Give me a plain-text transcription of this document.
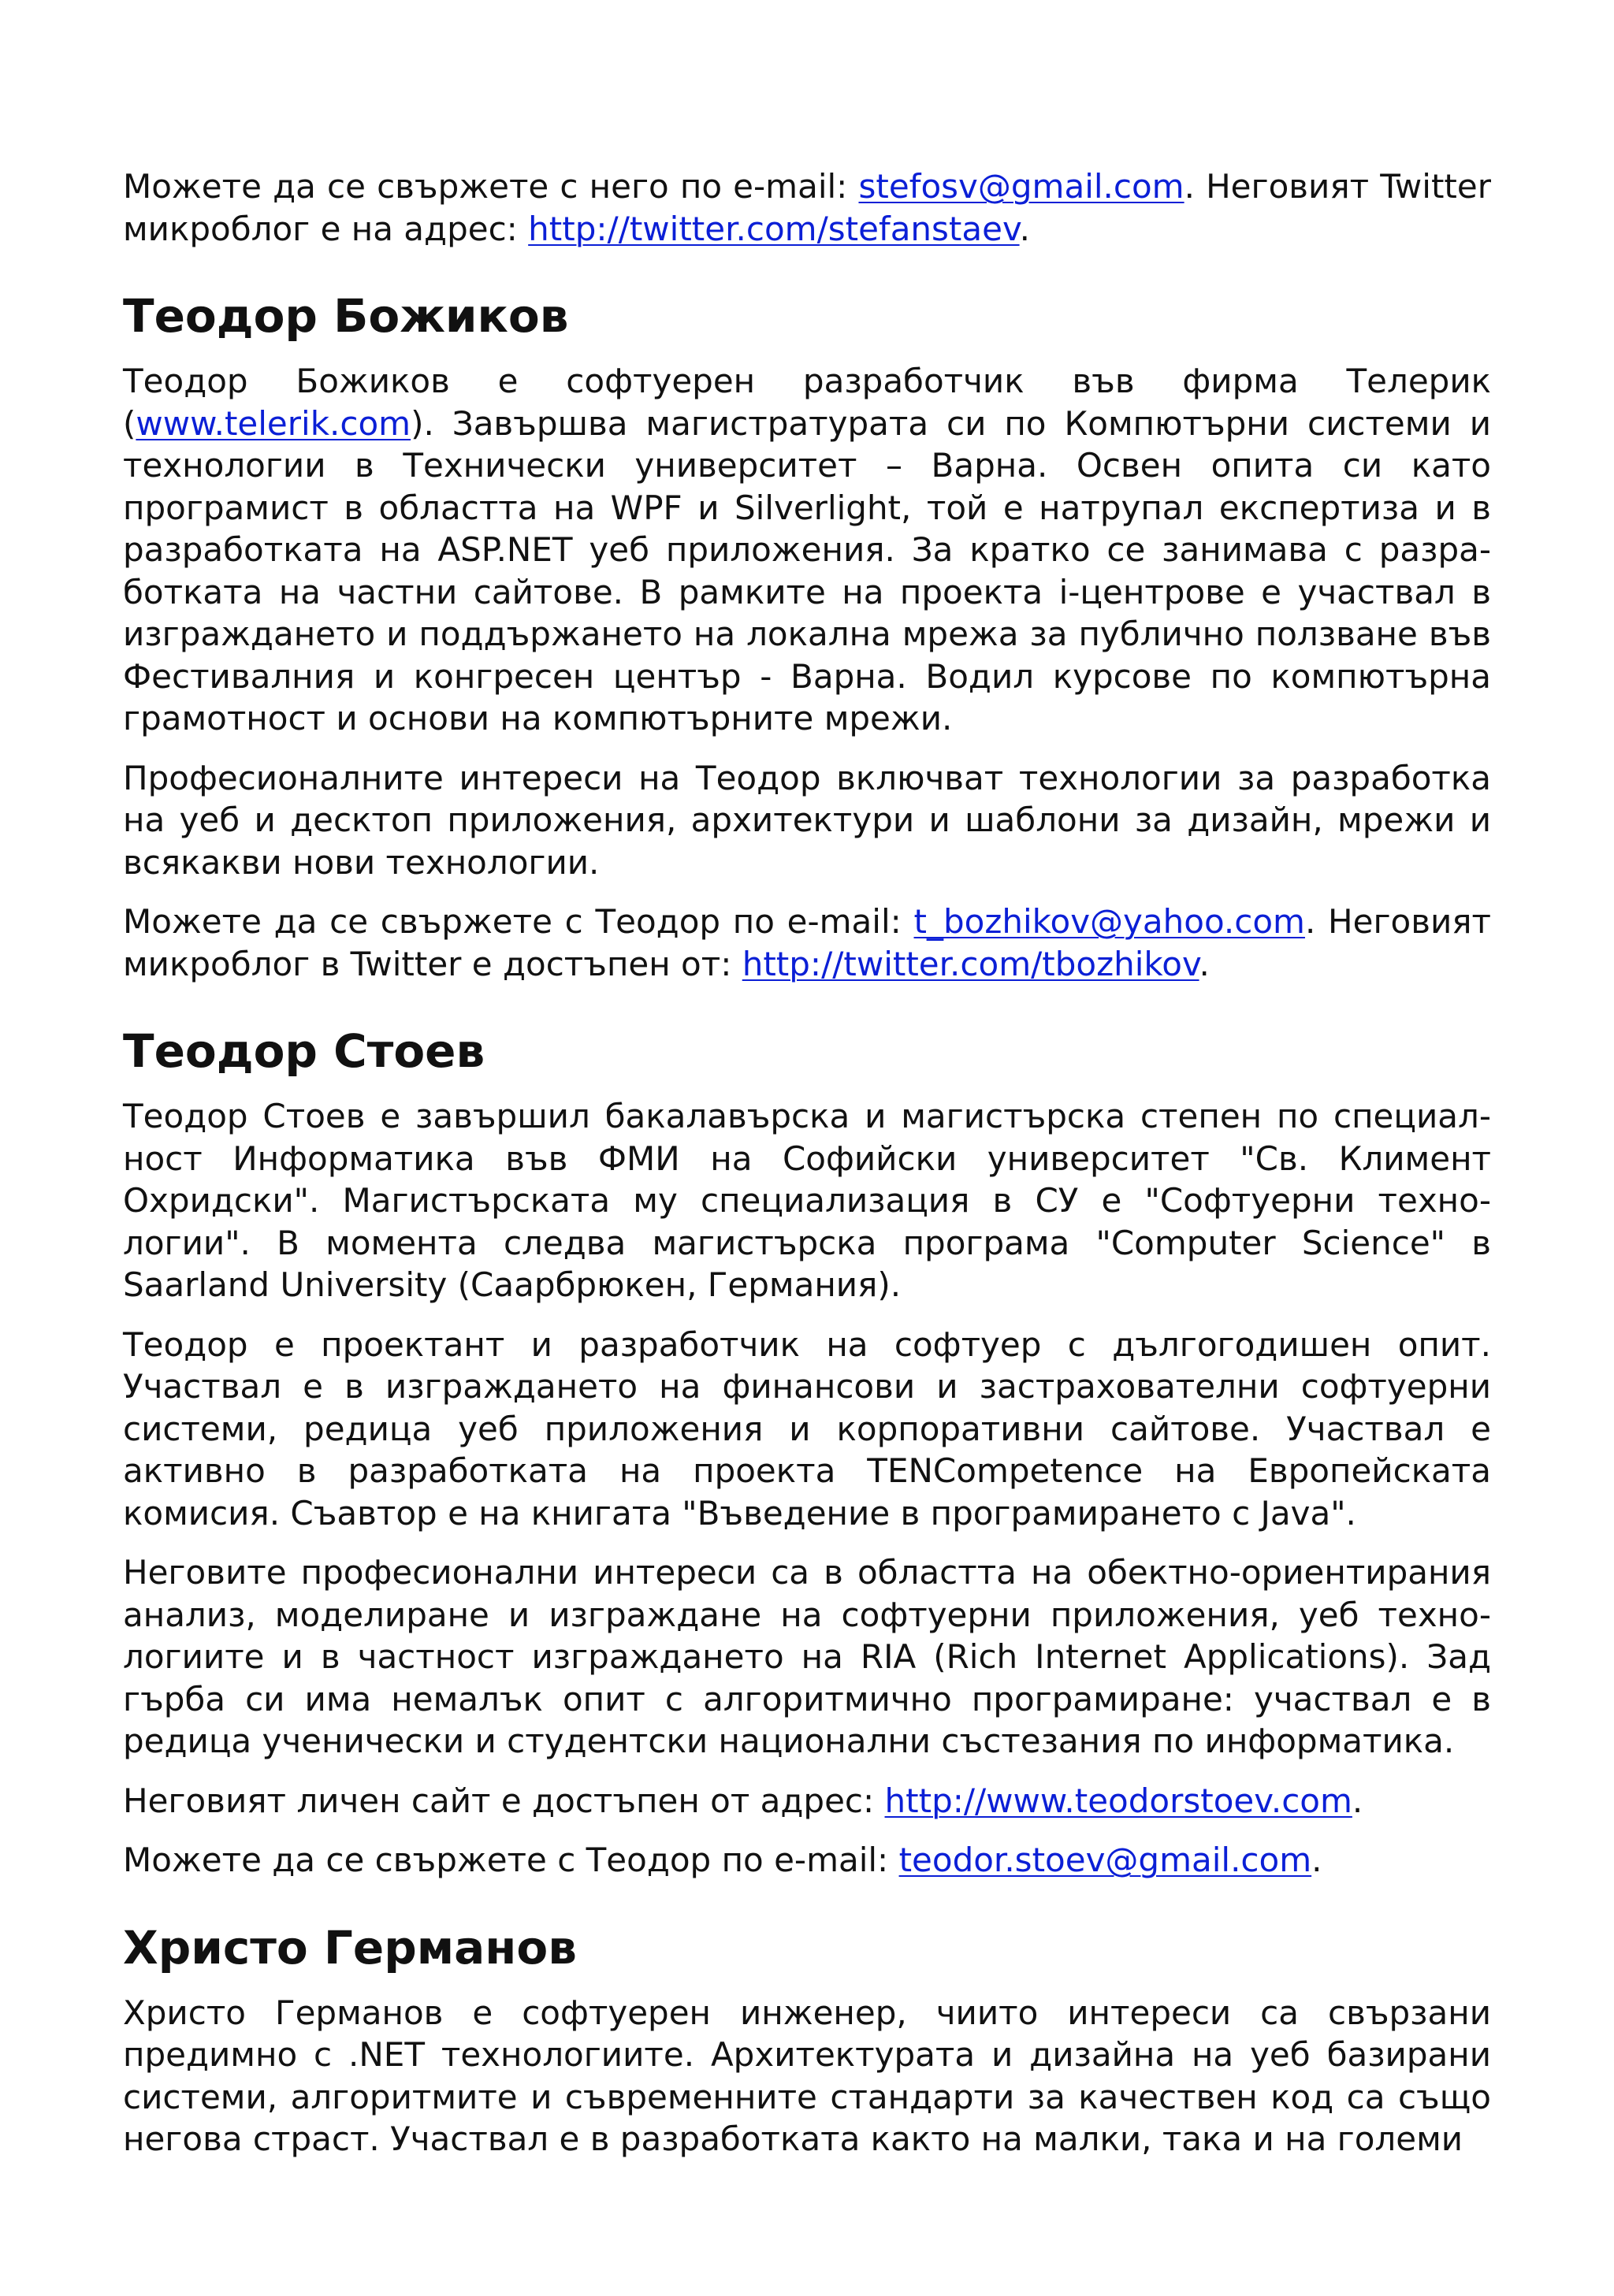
Можете да се свържете с него по e-mail: stefosv@gmail.com. Неговият Twitter микроблог е на адрес: http://twitter.com/stefanstaev.

Теодор Божиков

Теодор Божиков е софтуерен разработчик във фирма Телерик (www.telerik.com). Завършва магистратурата си по Компютърни системи и технологии в Технически университет – Варна. Освен опита си като програмист в областта на WPF и Silverlight, той е натрупал експертиза и в разработката на ASP.NET уеб приложения. За кратко се занимава с разработката на частни сайтове. В рамките на проекта i-центрове е участвал в изграждането и поддържането на локална мрежа за публично ползване във Фестивалния и конгресен център - Варна. Водил курсове по компютърна грамотност и основи на компютърните мрежи.

Професионалните интереси на Теодор включват технологии за разработка на уеб и десктоп приложения, архитектури и шаблони за дизайн, мрежи и всякакви нови технологии.

Можете да се свържете с Теодор по e-mail: t_bozhikov@yahoo.com. Неговият микроблог в Twitter е достъпен от: http://twitter.com/tbozhikov.

Теодор Стоев

Теодор Стоев е завършил бакалавърска и магистърска степен по специалност Информатика във ФМИ на Софийски университет "Св. Климент Охридски". Магистърската му специализация в СУ е "Софтуерни технологии". В момента следва магистърска програма "Computer Science" в Saarland University (Саарбрюкен, Германия).

Теодор е проектант и разработчик на софтуер с дългогодишен опит. Участвал е в изграждането на финансови и застрахователни софтуерни системи, редица уеб приложения и корпоративни сайтове. Участвал е активно в разработката на проекта TENCompetence на Европейската комисия. Съавтор е на книгата "Въведение в програмирането с Java".

Неговите професионални интереси са в областта на обектно-ориентирания анализ, моделиране и изграждане на софтуерни приложения, уеб технологиите и в частност изграждането на RIA (Rich Internet Applications). Зад гърба си има немалък опит с алгоритмично програмиране: участвал е в редица ученически и студентски национални състезания по информатика.

Неговият личен сайт е достъпен от адрес: http://www.teodorstoev.com.

Можете да се свържете с Теодор по e-mail: teodor.stoev@gmail.com.

Христо Германов

Христо Германов е софтуерен инженер, чиито интереси са свързани предимно с .NET технологиите. Архитектурата и дизайна на уеб базирани системи, алгоритмите и съвременните стандарти за качествен код са също негова страст. Участвал е в разработката както на малки, така и на големи
